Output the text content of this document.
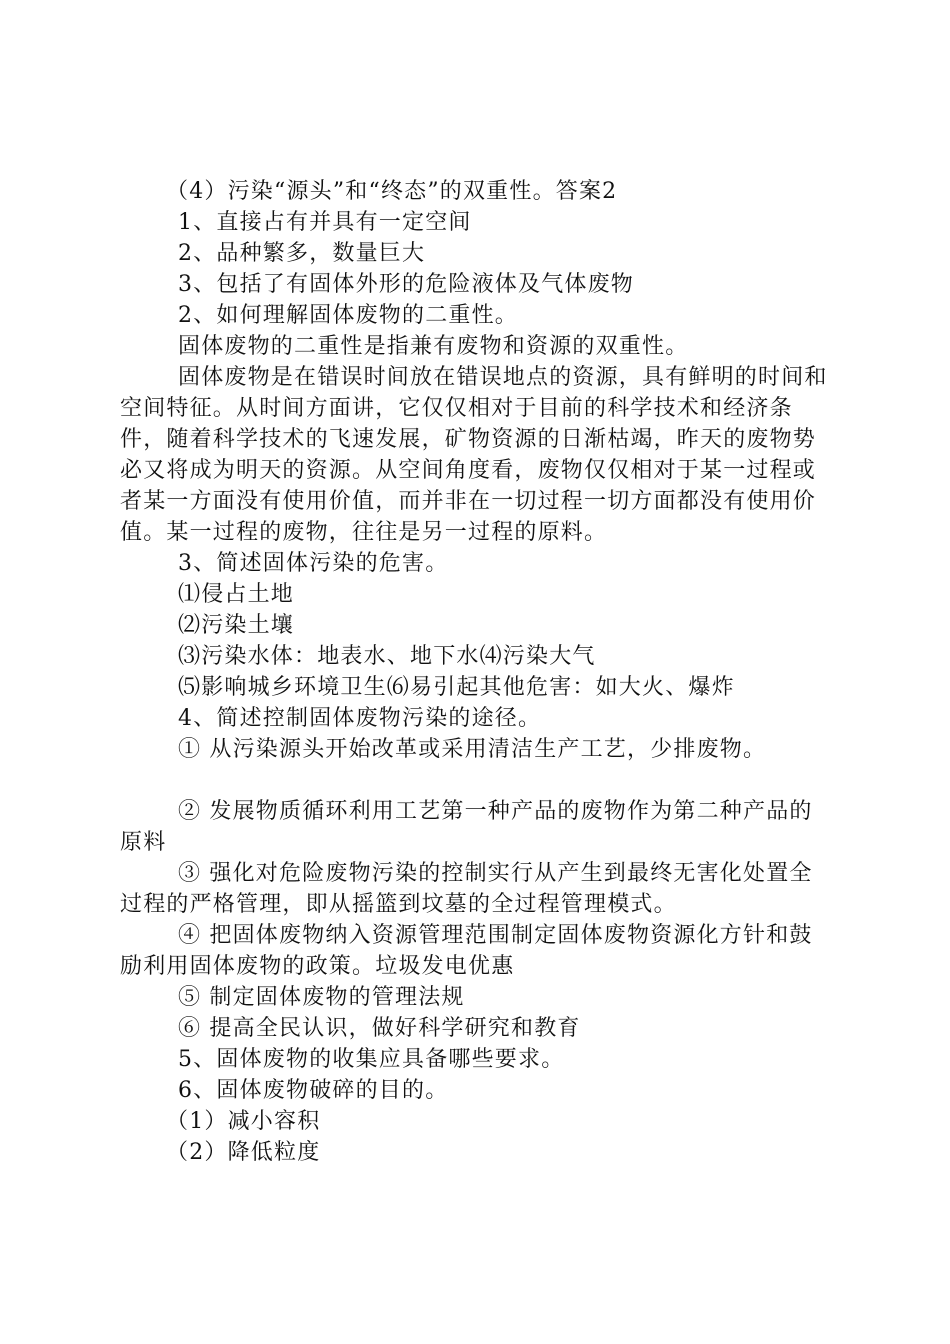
（4）污染“源头”和“终态”的双重性。答案2

1、直接占有并具有一定空间

2、品种繁多，数量巨大

3、包括了有固体外形的危险液体及气体废物

2、如何理解固体废物的二重性。

固体废物的二重性是指兼有废物和资源的双重性。

固体废物是在错误时间放在错误地点的资源，具有鲜明的时间和空间特征。从时间方面讲，它仅仅相对于目前的科学技术和经济条件，随着科学技术的飞速发展，矿物资源的日渐枯竭，昨天的废物势必又将成为明天的资源。从空间角度看，废物仅仅相对于某一过程或者某一方面没有使用价值，而并非在一切过程一切方面都没有使用价值。某一过程的废物，往往是另一过程的原料。

3、简述固体污染的危害。

⑴侵占土地

⑵污染土壤

⑶污染水体：地表水、地下水⑷污染大气

⑸影响城乡环境卫生⑹易引起其他危害：如大火、爆炸

4、简述控制固体废物污染的途径。

① 从污染源头开始改革或采用清洁生产工艺，少排废物。

② 发展物质循环利用工艺第一种产品的废物作为第二种产品的原料

③ 强化对危险废物污染的控制实行从产生到最终无害化处置全过程的严格管理，即从摇篮到坟墓的全过程管理模式。

④ 把固体废物纳入资源管理范围制定固体废物资源化方针和鼓励利用固体废物的政策。垃圾发电优惠

⑤ 制定固体废物的管理法规

⑥ 提高全民认识，做好科学研究和教育

5、固体废物的收集应具备哪些要求。

6、固体废物破碎的目的。

（1）减小容积

（2）降低粒度
